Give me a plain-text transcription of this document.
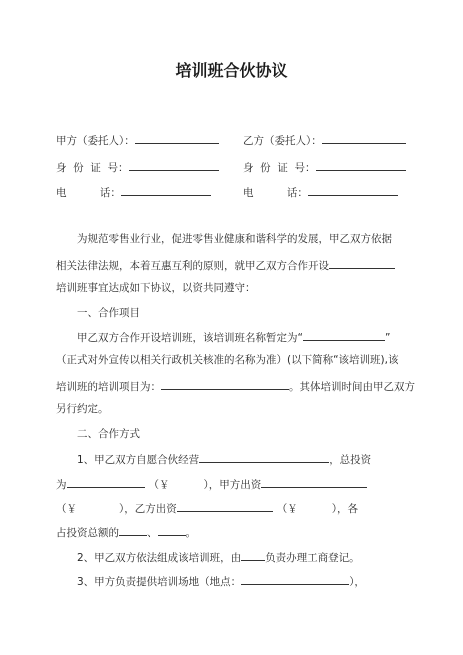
培训班合伙协议
甲方（委托人）：	乙方（委托人）：
身  份  证  号：	身  份  证  号：
电          话：	电          话：
为规范零售业行业，促进零售业健康和谐科学的发展，甲乙双方依据
相关法律法规，本着互惠互利的原则，就甲乙双方合作开设
培训班事宜达成如下协议，以资共同遵守：
一、合作项目
甲乙双方合作开设培训班，该培训班名称暂定为“	”
（正式对外宣传以相关行政机关核准的名称为准）(以下简称“该培训班),该
培训班的培训项目为：	。其体培训时间由甲乙双方
另行约定。
二、合作方式
1、甲乙双方自愿合伙经营	，总投资
为	（￥	），甲方出资
（￥	），乙方出资	（￥	），各
占投资总额的	、	。
2、甲乙双方依法组成该培训班，由 负责办理工商登记。
3、甲方负责提供培训场地（地点：	），
